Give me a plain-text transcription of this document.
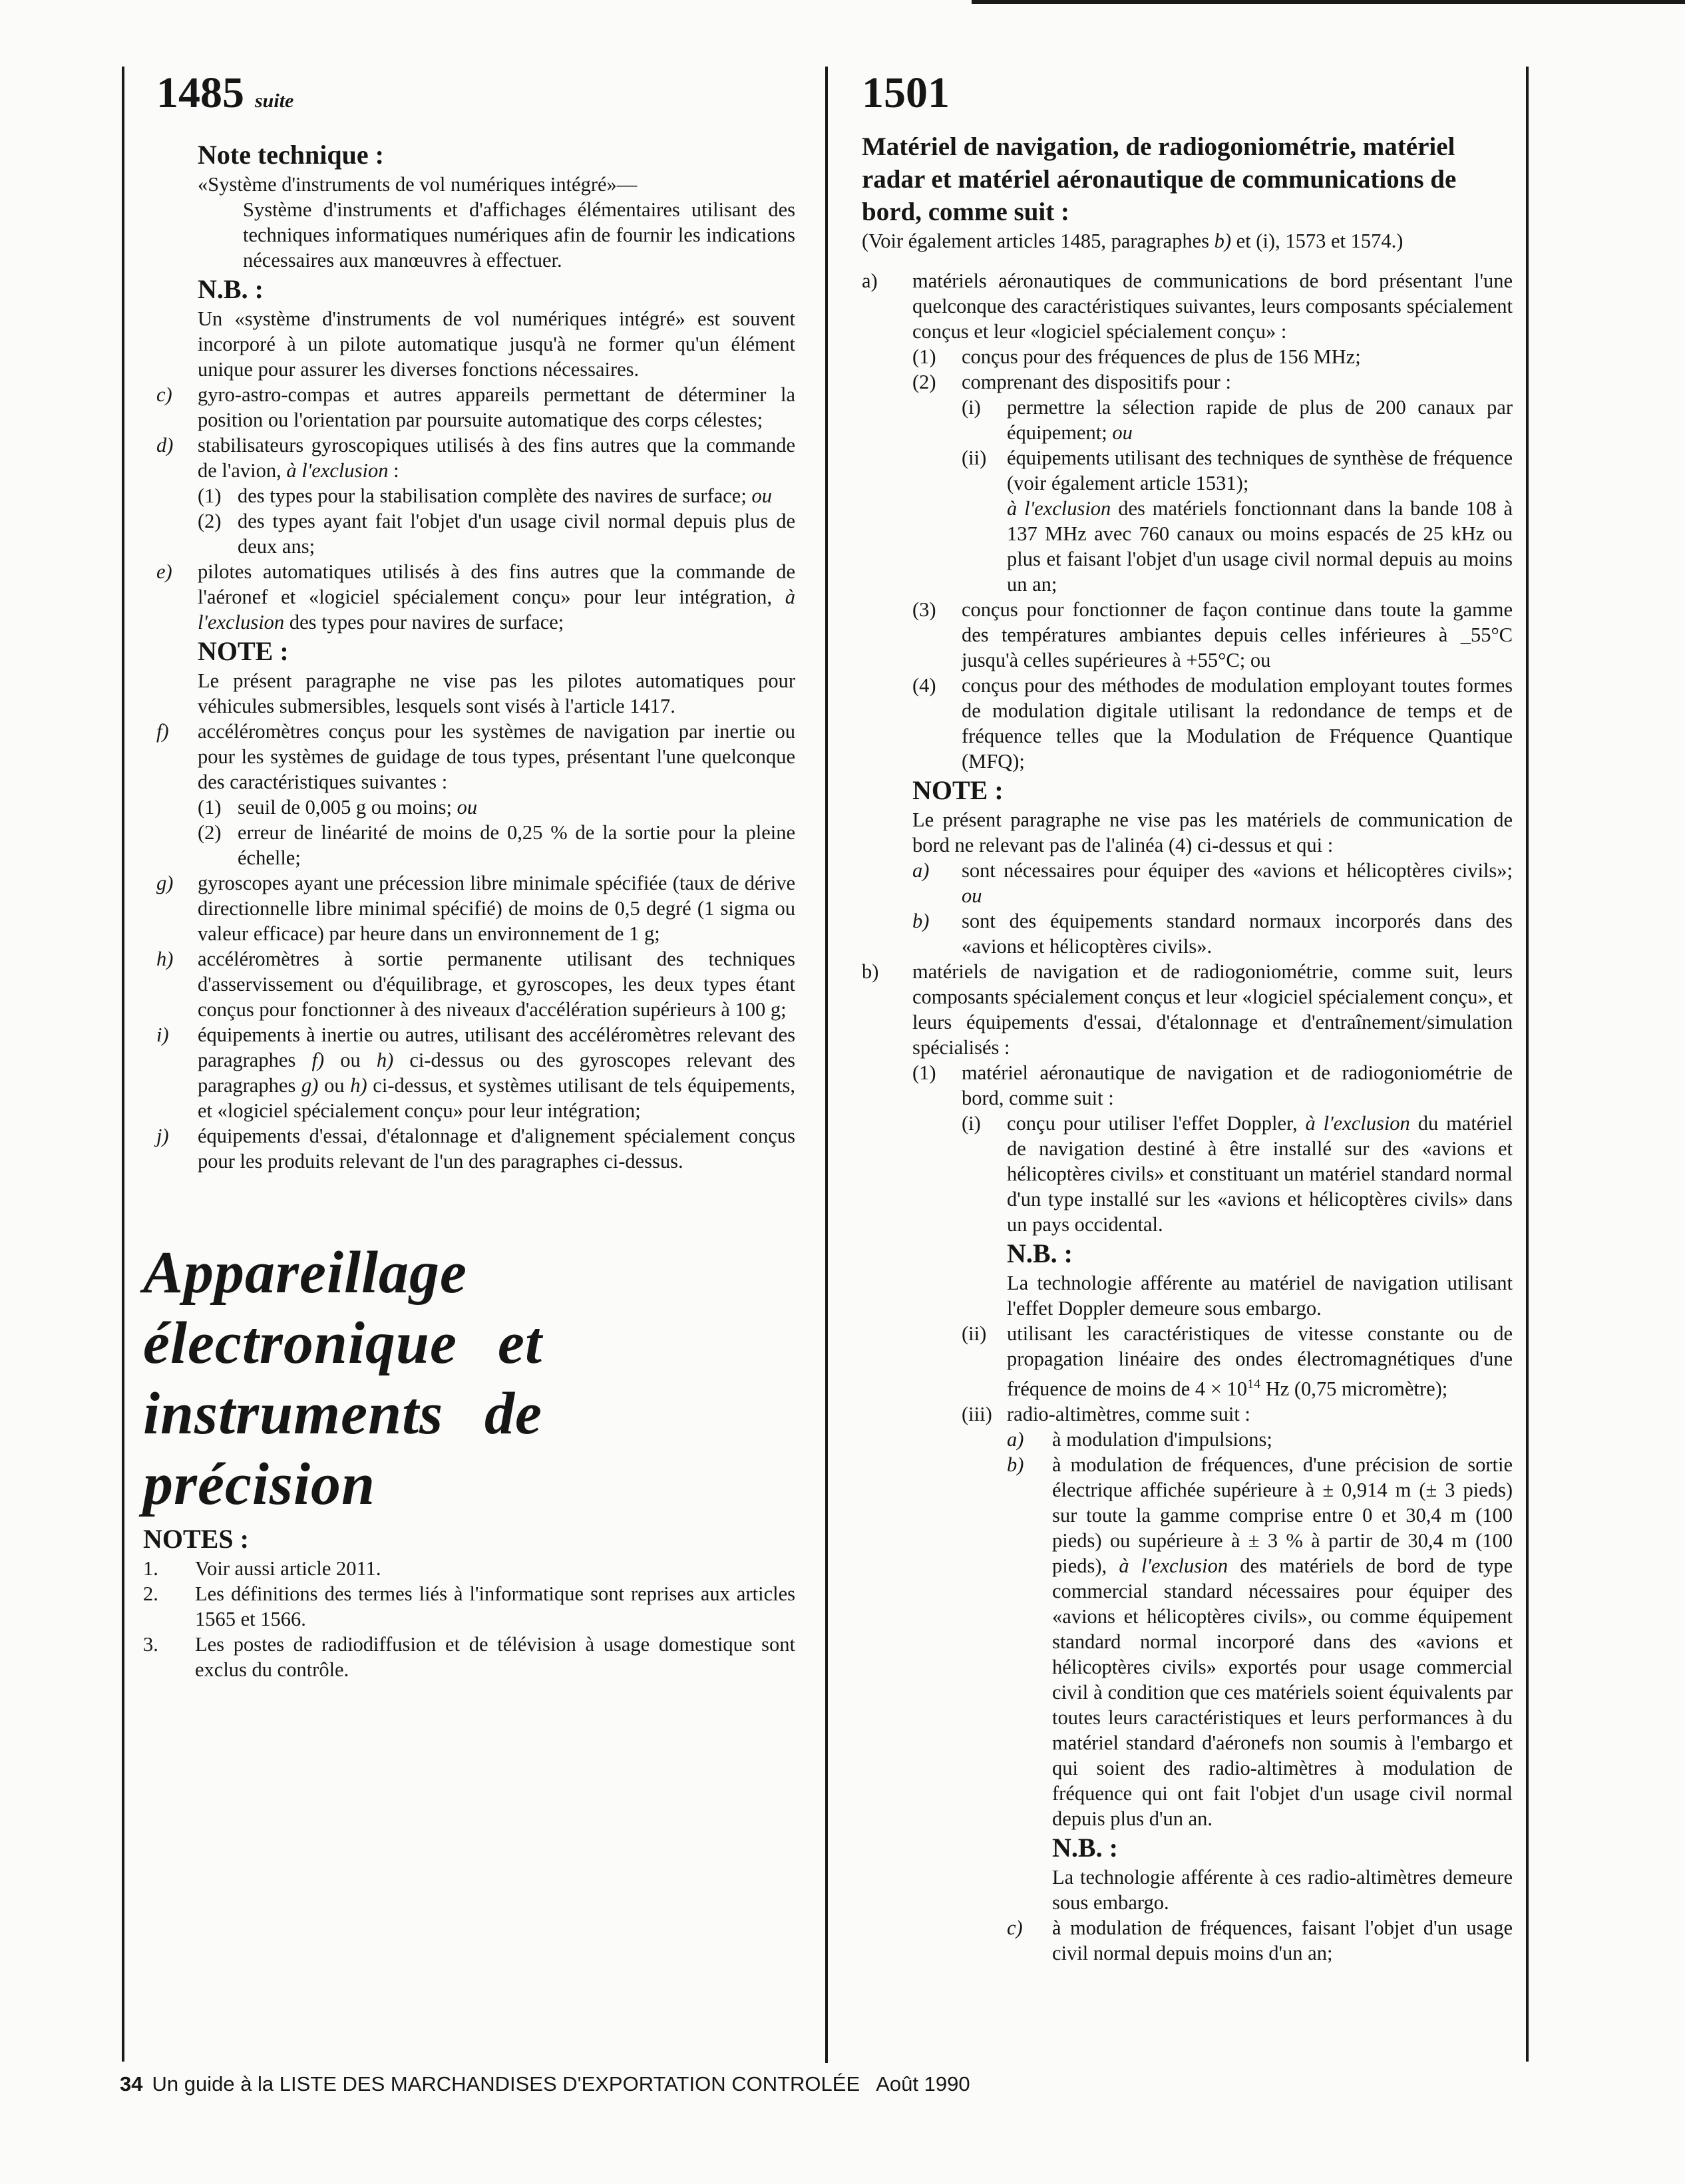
1485 suite

Note technique :

«Système d'instruments de vol numériques intégré»—

Système d'instruments et d'affichages élémentaires utilisant des techniques informatiques numériques afin de fournir les indications nécessaires aux manœuvres à effectuer.

N.B. :

Un «système d'instruments de vol numériques intégré» est souvent incorporé à un pilote automatique jusqu'à ne former qu'un élément unique pour assurer les diverses fonctions nécessaires.

c)	gyro-astro-compas et autres appareils permettant de déterminer la position ou l'orientation par poursuite automatique des corps célestes;
d)	stabilisateurs gyroscopiques utilisés à des fins autres que la commande de l'avion, à l'exclusion :

(1) des types pour la stabilisation complète des navires de surface; ou
(2) des types ayant fait l'objet d'un usage civil normal depuis plus de deux ans;
e)	pilotes automatiques utilisés à des fins autres que la commande de l'aéronef et «logiciel spécialement conçu» pour leur intégration, à l'exclusion des types pour navires de surface;

NOTE :

Le présent paragraphe ne vise pas les pilotes automatiques pour véhicules submersibles, lesquels sont visés à l'article 1417.

f)	accéléromètres conçus pour les systèmes de navigation par inertie ou pour les systèmes de guidage de tous types, présentant l'une quelconque des caractéristiques suivantes :

(1) seuil de 0,005 g ou moins; ou
(2) erreur de linéarité de moins de 0,25 % de la sortie pour la pleine échelle;
g)	gyroscopes ayant une précession libre minimale spécifiée (taux de dérive directionnelle libre minimal spécifié) de moins de 0,5 degré (1 sigma ou valeur efficace) par heure dans un environnement de 1 g;
h)	accéléromètres à sortie permanente utilisant des techniques d'asservissement ou d'équilibrage, et gyroscopes, les deux types étant conçus pour fonctionner à des niveaux d'accélération supérieurs à 100 g;
i)	équipements à inertie ou autres, utilisant des accéléromètres relevant des paragraphes f) ou h) ci-dessus ou des gyroscopes relevant des paragraphes g) ou h) ci-dessus, et systèmes utilisant de tels équipements, et «logiciel spécialement conçu» pour leur intégration;
j)	équipements d'essai, d'étalonnage et d'alignement spécialement conçus pour les produits relevant de l'un des paragraphes ci-dessus.
Appareillage
électronique et
instruments de
précision

NOTES :

1.	Voir aussi article 2011.
2.	Les définitions des termes liés à l'informatique sont reprises aux articles 1565 et 1566.
3.	Les postes de radiodiffusion et de télévision à usage domestique sont exclus du contrôle.
1501

Matériel de navigation, de radiogoniométrie, matériel radar et matériel aéronautique de communications de bord, comme suit :

(Voir également articles 1485, paragraphes b) et (i), 1573 et 1574.)

a)	matériels aéronautiques de communications de bord présentant l'une quelconque des caractéristiques suivantes, leurs composants spécialement conçus et leur «logiciel spécialement conçu» :

(1)	conçus pour des fréquences de plus de 156 MHz;
(2)	comprenant des dispositifs pour :

(i)	permettre la sélection rapide de plus de 200 canaux par équipement; ou
(ii)	équipements utilisant des techniques de synthèse de fréquence (voir également article 1531);

à l'exclusion des matériels fonctionnant dans la bande 108 à 137 MHz avec 760 canaux ou moins espacés de 25 kHz ou plus et faisant l'objet d'un usage civil normal depuis au moins un an;

(3)	conçus pour fonctionner de façon continue dans toute la gamme des températures ambiantes depuis celles inférieures à _55°C jusqu'à celles supérieures à +55°C; ou
(4)	conçus pour des méthodes de modulation employant toutes formes de modulation digitale utilisant la redondance de temps et de fréquence telles que la Modulation de Fréquence Quantique (MFQ);

NOTE :

Le présent paragraphe ne vise pas les matériels de communication de bord ne relevant pas de l'alinéa (4) ci-dessus et qui :

a)	sont nécessaires pour équiper des «avions et hélicoptères civils»; ou
b)	sont des équipements standard normaux incorporés dans des «avions et hélicoptères civils».
b)	matériels de navigation et de radiogoniométrie, comme suit, leurs composants spécialement conçus et leur «logiciel spécialement conçu», et leurs équipements d'essai, d'étalonnage et d'entraînement/simulation spécialisés :

(1)	matériel aéronautique de navigation et de radiogoniométrie de bord, comme suit :

(i)	conçu pour utiliser l'effet Doppler, à l'exclusion du matériel de navigation destiné à être installé sur des «avions et hélicoptères civils» et constituant un matériel standard normal d'un type installé sur les «avions et hélicoptères civils» dans un pays occidental.

N.B. :

La technologie afférente au matériel de navigation utilisant l'effet Doppler demeure sous embargo.

(ii)	utilisant les caractéristiques de vitesse constante ou de propagation linéaire des ondes électromagnétiques d'une fréquence de moins de $4 \times 10^{14}$ Hz (0,75 micromètre);
(iii) radio-altimètres, comme suit :

a)	à modulation d'impulsions;
b)	à modulation de fréquences, d'une précision de sortie électrique affichée supérieure à ± 0,914 m (± 3 pieds) sur toute la gamme comprise entre 0 et 30,4 m (100 pieds) ou supérieure à ± 3 % à partir de 30,4 m (100 pieds), à l'exclusion des matériels de bord de type commercial standard nécessaires pour équiper des «avions et hélicoptères civils», ou comme équipement standard normal incorporé dans des «avions et hélicoptères civils» exportés pour usage commercial civil à condition que ces matériels soient équivalents par toutes leurs caractéristiques et leurs performances à du matériel standard d'aéronefs non soumis à l'embargo et qui soient des radio-altimètres à modulation de fréquence qui ont fait l'objet d'un usage civil normal depuis plus d'un an.

N.B. :

La technologie afférente à ces radio-altimètres demeure sous embargo.

c)	à modulation de fréquences, faisant l'objet d'un usage civil normal depuis moins d'un an;
34 Un guide à la LISTE DES MARCHANDISES D'EXPORTATION CONTROLÉE   Août 1990
